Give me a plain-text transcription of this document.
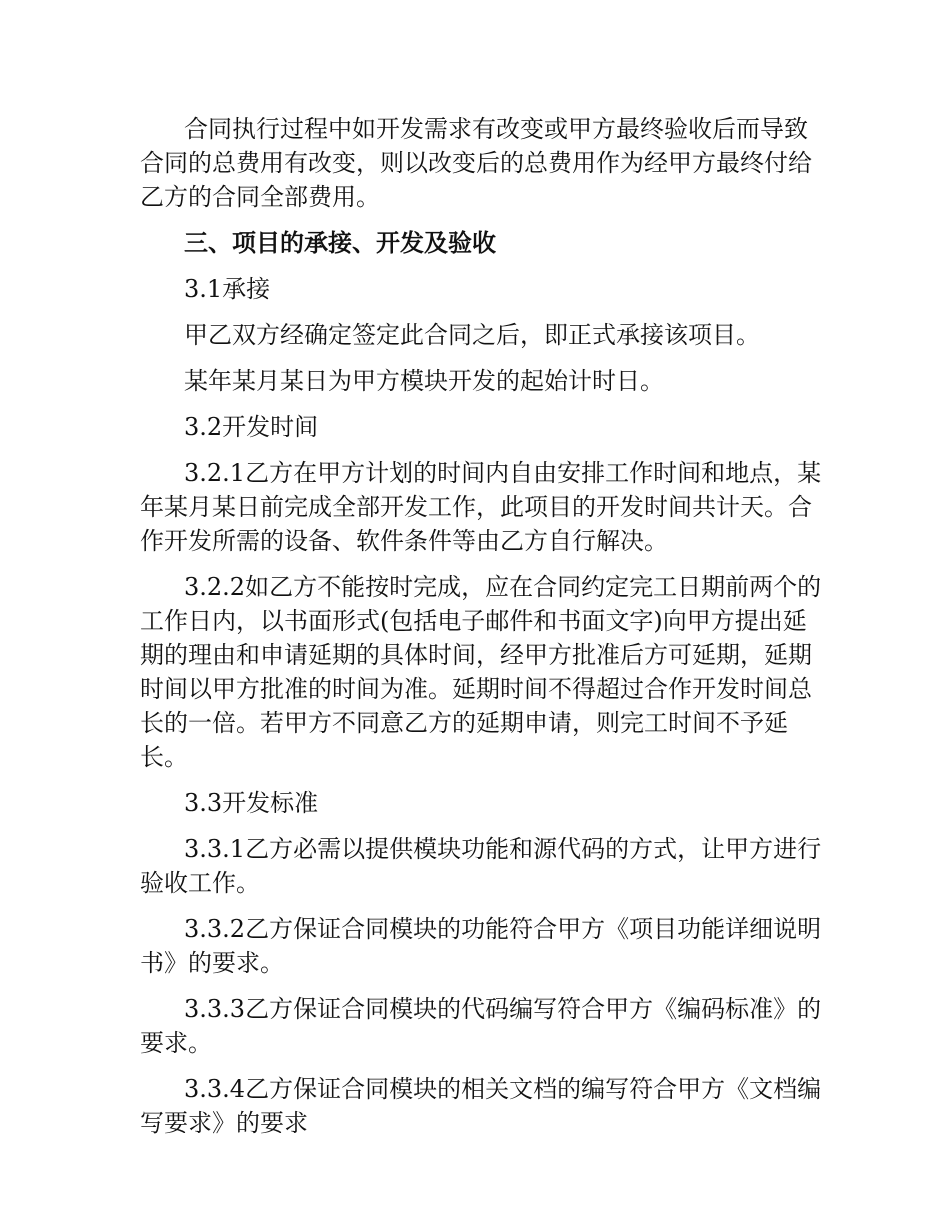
合同执行过程中如开发需求有改变或甲方最终验收后而导致合同的总费用有改变，则以改变后的总费用作为经甲方最终付给乙方的合同全部费用。

三、项目的承接、开发及验收

3.1承接

甲乙双方经确定签定此合同之后，即正式承接该项目。

某年某月某日为甲方模块开发的起始计时日。

3.2开发时间

3.2.1乙方在甲方计划的时间内自由安排工作时间和地点，某年某月某日前完成全部开发工作，此项目的开发时间共计天。合作开发所需的设备、软件条件等由乙方自行解决。

3.2.2如乙方不能按时完成，应在合同约定完工日期前两个的工作日内，以书面形式(包括电子邮件和书面文字)向甲方提出延期的理由和申请延期的具体时间，经甲方批准后方可延期，延期时间以甲方批准的时间为准。延期时间不得超过合作开发时间总长的一倍。若甲方不同意乙方的延期申请，则完工时间不予延长。

3.3开发标准

3.3.1乙方必需以提供模块功能和源代码的方式，让甲方进行验收工作。

3.3.2乙方保证合同模块的功能符合甲方《项目功能详细说明书》的要求。

3.3.3乙方保证合同模块的代码编写符合甲方《编码标准》的要求。

3.3.4乙方保证合同模块的相关文档的编写符合甲方《文档编写要求》的要求
